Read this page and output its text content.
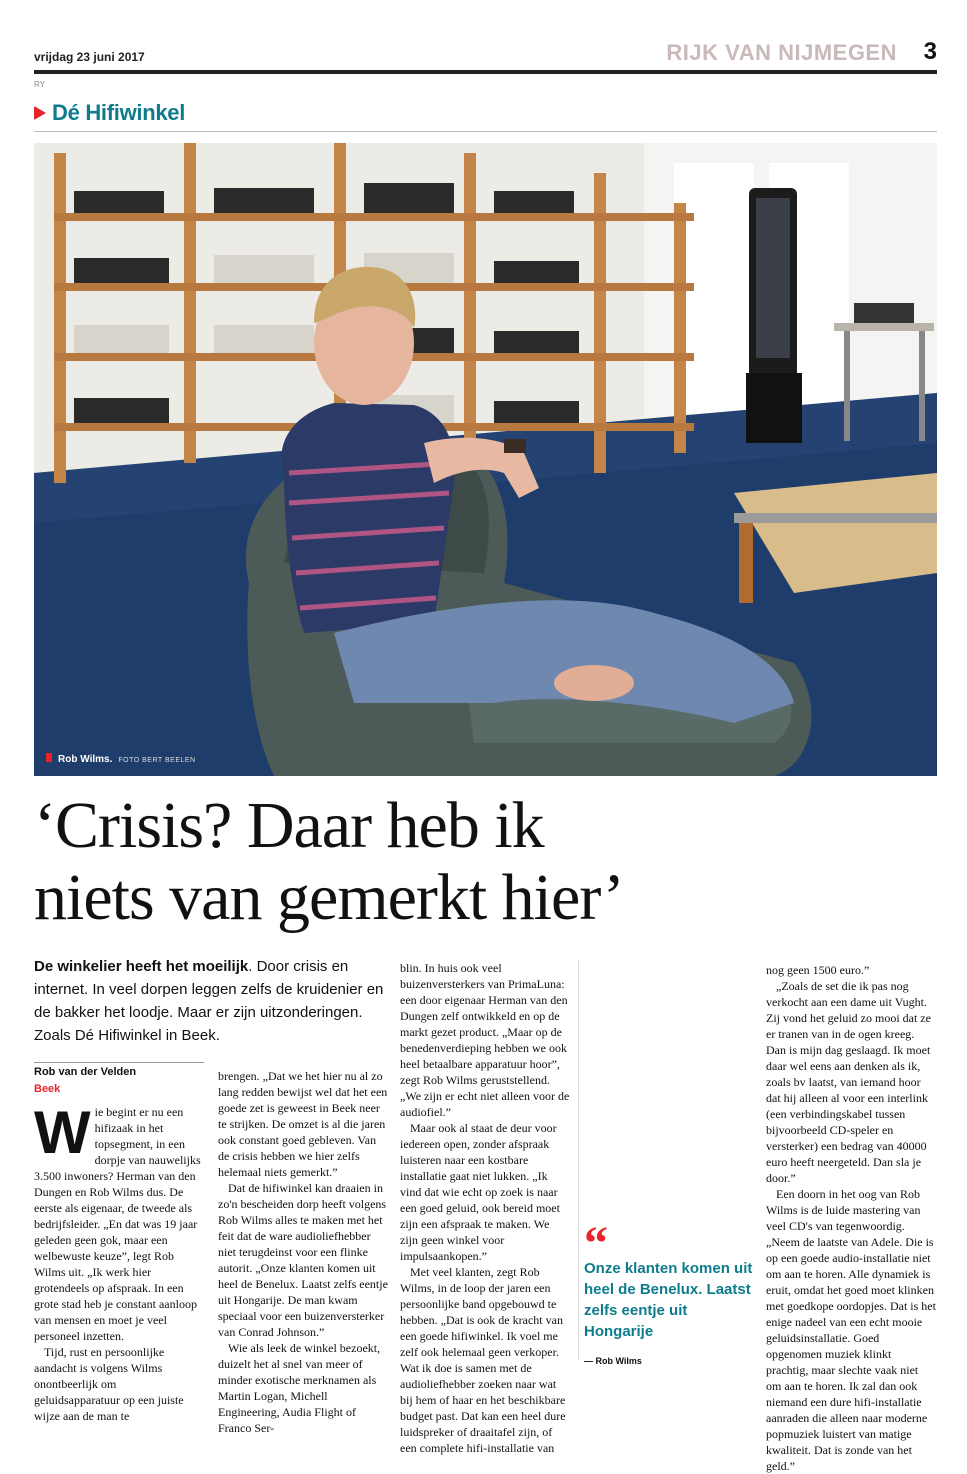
vrijdag 23 juni 2017	RIJK VAN NIJMEGEN 3
RY
Dé Hifiwinkel
Rob Wilms. FOTO BERT BEELEN
‘Crisis? Daar heb ik
niets van gemerkt hier’
De winkelier heeft het moeilijk. Door crisis en internet. In veel dorpen leggen zelfs de kruidenier en de bakker het loodje. Maar er zijn uitzonderingen. Zoals Dé Hifiwinkel in Beek.
Rob van der Velden
Beek

Wie begint er nu een hifizaak in het topsegment, in een dorpje van nauwelijks 3.500 inwoners? Herman van den Dungen en Rob Wilms dus. De eerste als eigenaar, de tweede als bedrijfsleider. „En dat was 19 jaar geleden geen gok, maar een welbewuste keuze”, legt Rob Wilms uit. „Ik werk hier grotendeels op afspraak. In een grote stad heb je constant aanloop van mensen en moet je veel personeel inzetten.

Tijd, rust en persoonlijke aandacht is volgens Wilms onontbeerlijk om geluidsapparatuur op een juiste wijze aan de man te

brengen. „Dat we het hier nu al zo lang redden bewijst wel dat het een goede zet is geweest in Beek neer te strijken. De omzet is al die jaren ook constant goed gebleven. Van de crisis hebben we hier zelfs helemaal niets gemerkt.”

Dat de hifiwinkel kan draaien in zo'n bescheiden dorp heeft volgens Rob Wilms alles te maken met het feit dat de ware audioliefhebber niet terugdeinst voor een flinke autorit. „Onze klanten komen uit heel de Benelux. Laatst zelfs eentje uit Hongarije. De man kwam speciaal voor een buizenversterker van Conrad Johnson.”

Wie als leek de winkel bezoekt, duizelt het al snel van meer of minder exotische merknamen als Martin Logan, Michell Engineering, Audia Flight of Franco Ser-

blin. In huis ook veel buizenversterkers van PrimaLuna: een door eigenaar Herman van den Dungen zelf ontwikkeld en op de markt gezet product. „Maar op de benedenverdieping hebben we ook heel betaalbare apparatuur hoor”, zegt Rob Wilms geruststellend. „We zijn er echt niet alleen voor de audiofiel.”

Maar ook al staat de deur voor iedereen open, zonder afspraak luisteren naar een kostbare installatie gaat niet lukken. „Ik vind dat wie echt op zoek is naar een goed geluid, ook bereid moet zijn een afspraak te maken. We zijn geen winkel voor impulsaankopen.”

Met veel klanten, zegt Rob Wilms, in de loop der jaren een persoonlijke band opgebouwd te hebben. „Dat is ook de kracht van een goede hifiwinkel. Ik voel me zelf ook helemaal geen verkoper. Wat ik doe is samen met de audioliefhebber zoeken naar wat bij hem of haar en het beschikbare budget past. Dat kan een heel dure luidspreker of draaitafel zijn, of een complete hifi-installatie van

“
Onze klanten komen uit heel de Benelux. Laatst zelfs eentje uit Hongarije
— Rob Wilms

nog geen 1500 euro.”

„Zoals de set die ik pas nog verkocht aan een dame uit Vught. Zij vond het geluid zo mooi dat ze er tranen van in de ogen kreeg. Dan is mijn dag geslaagd. Ik moet daar wel eens aan denken als ik, zoals bv laatst, van iemand hoor dat hij alleen al voor een interlink (een verbindingskabel tussen bijvoorbeeld CD-speler en versterker) een bedrag van 40000 euro heeft neergeteld. Dan sla je door.”

Een doorn in het oog van Rob Wilms is de luide mastering van veel CD's van tegenwoordig. „Neem de laatste van Adele. Die is op een goede audio-installatie niet om aan te horen. Alle dynamiek is eruit, omdat het goed moet klinken met goedkope oordopjes. Dat is het enige nadeel van een echt mooie geluidsinstallatie. Goed opgenomen muziek klinkt prachtig, maar slechte vaak niet om aan te horen. Ik zal dan ook niemand een dure hifi-installatie aanraden die alleen naar moderne popmuziek luistert van matige kwaliteit. Dat is zonde van het geld.”
